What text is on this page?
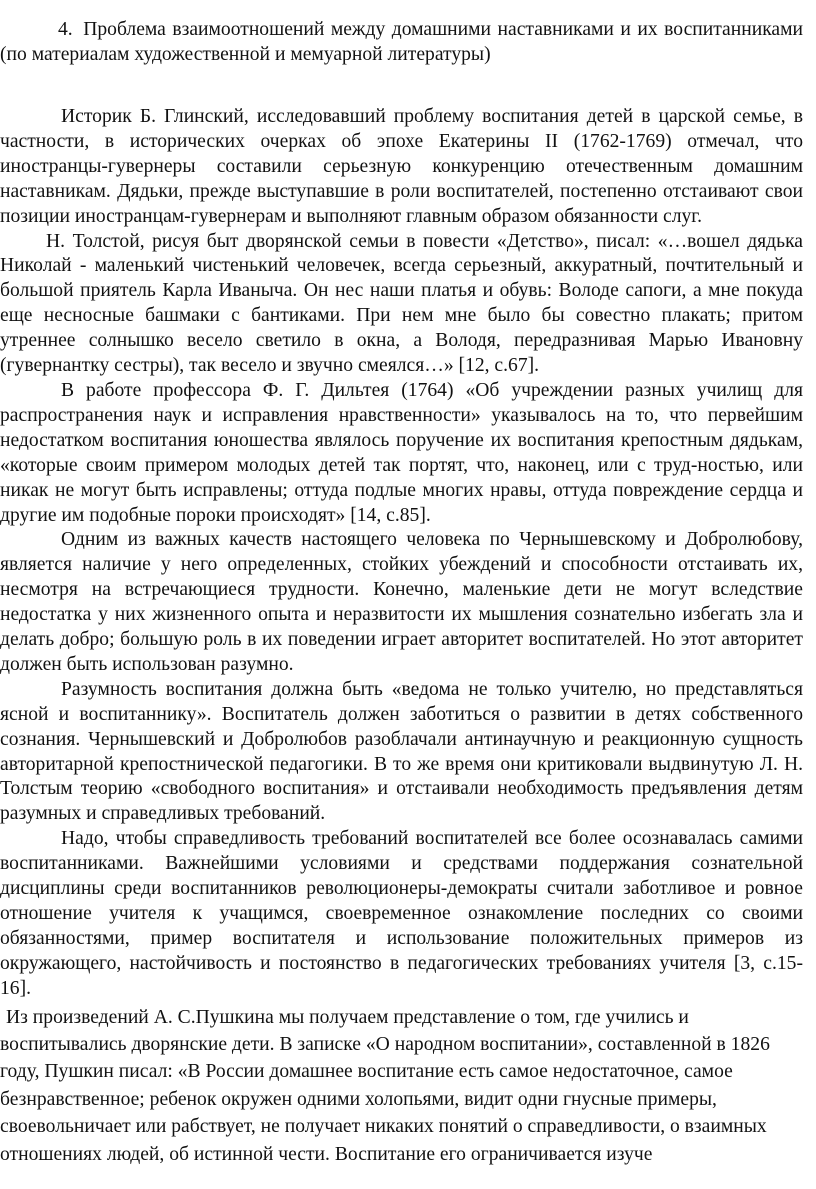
4. Проблема взаимоотношений между домашними наставниками и их воспитанниками (по материалам художественной и мемуарной литературы)

Историк Б. Глинский, исследовавший проблему воспитания детей в царской семье, в частности, в исторических очерках об эпохе Екатерины II (1762-1769) отмечал, что иностранцы-гувернеры составили серьезную конкуренцию отечественным домашним наставникам. Дядьки, прежде выступавшие в роли воспитателей, постепенно отстаивают свои позиции иностранцам-гувернерам и выполняют главным образом обязанности слуг.

Н. Толстой, рисуя быт дворянской семьи в повести «Детство», писал: «…вошел дядька Николай - маленький чистенький человечек, всегда серьезный, аккуратный, почтительный и большой приятель Карла Иваныча. Он нес наши платья и обувь: Володе сапоги, а мне покуда еще несносные башмаки с бантиками. При нем мне было бы совестно плакать; притом утреннее солнышко весело светило в окна, а Володя, передразнивая Марью Ивановну (гувернантку сестры), так весело и звучно смеялся…» [12, с.67].

В работе профессора Ф. Г. Дильтея (1764) «Об учреждении разных училищ для распространения наук и исправления нравственности» указывалось на то, что первейшим недостатком воспитания юношества являлось поручение их воспитания крепостным дядькам, «которые своим примером молодых детей так портят, что, наконец, или с труд-ностью, или никак не могут быть исправлены; оттуда подлые многих нравы, оттуда повреждение сердца и другие им подобные пороки происходят» [14, с.85].

Одним из важных качеств настоящего человека по Чернышевскому и Добролюбову, является наличие у него определенных, стойких убеждений и способности отстаивать их, несмотря на встречающиеся трудности. Конечно, маленькие дети не могут вследствие недостатка у них жизненного опыта и неразвитости их мышления сознательно избегать зла и делать добро; большую роль в их поведении играет авторитет воспитателей. Но этот авторитет должен быть использован разумно.

Разумность воспитания должна быть «ведома не только учителю, но представляться ясной и воспитаннику». Воспитатель должен заботиться о развитии в детях собственного сознания. Чернышевский и Добролюбов разоблачали антинаучную и реакционную сущность авторитарной крепостнической педагогики. В то же время они критиковали выдвинутую Л. Н. Толстым теорию «свободного воспитания» и отстаивали необходимость предъявления детям разумных и справедливых требований.

Надо, чтобы справедливость требований воспитателей все более осознавалась самими воспитанниками. Важнейшими условиями и средствами поддержания сознательной дисциплины среди воспитанников революционеры-демократы считали заботливое и ровное отношение учителя к учащимся, своевременное ознакомление последних со своими обязанностями, пример воспитателя и использование положительных примеров из окружающего, настойчивость и постоянство в педагогических требованиях учителя [3, с.15-16].

Из произведений А. С.Пушкина мы получаем представление о том, где учились и воспитывались дворянские дети. В записке «О народном воспитании», составленной в 1826 году, Пушкин писал: «В России домашнее воспитание есть самое недостаточное, самое безнравственное; ребенок окружен одними холопьями, видит одни гнусные примеры, своевольничает или рабствует, не получает никаких понятий о справедливости, о взаимных отношениях людей, об истинной чести. Воспитание его ограничивается изуче
